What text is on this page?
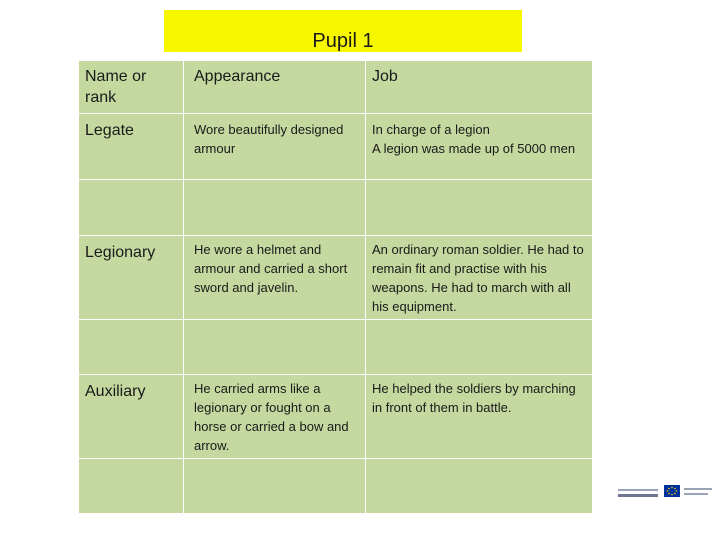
Pupil 1
Name or rank	Appearance	Job
Legate	Wore beautifully designed armour	In charge of a legion
A legion was made up of 5000 men

Legionary	He wore a helmet and armour and carried a short sword and javelin.	An ordinary roman soldier. He had to remain fit and practise with his weapons. He had to march with all his equipment.

Auxiliary	He carried arms like a legionary or fought on a horse or carried a bow and arrow.	He helped the soldiers by marching in front of them in battle.
